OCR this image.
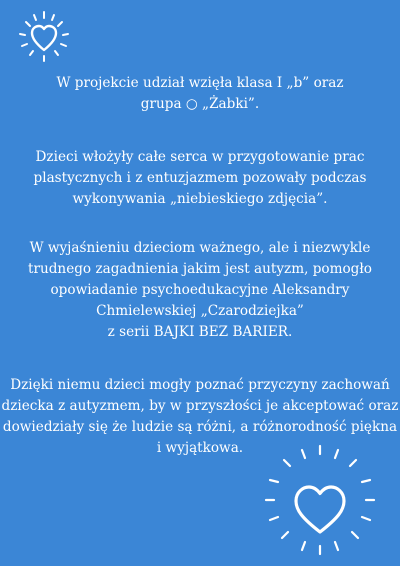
W projekcie udział wzięła klasa I „b” oraz
grupa ○ „Żabki”.

Dzieci włożyły całe serca w przygotowanie prac
plastycznych i z entuzjazmem pozowały podczas
wykonywania „niebieskiego zdjęcia”.

W wyjaśnieniu dzieciom ważnego, ale i niezwykle
trudnego zagadnienia jakim jest autyzm, pomogło
opowiadanie psychoedukacyjne Aleksandry
Chmielewskiej „Czarodziejka”
z serii BAJKI BEZ BARIER.

Dzięki niemu dzieci mogły poznać przyczyny zachowań
dziecka z autyzmem, by w przyszłości je akceptować oraz
dowiedziały się że ludzie są różni, a różnorodność piękna
i wyjątkowa.
